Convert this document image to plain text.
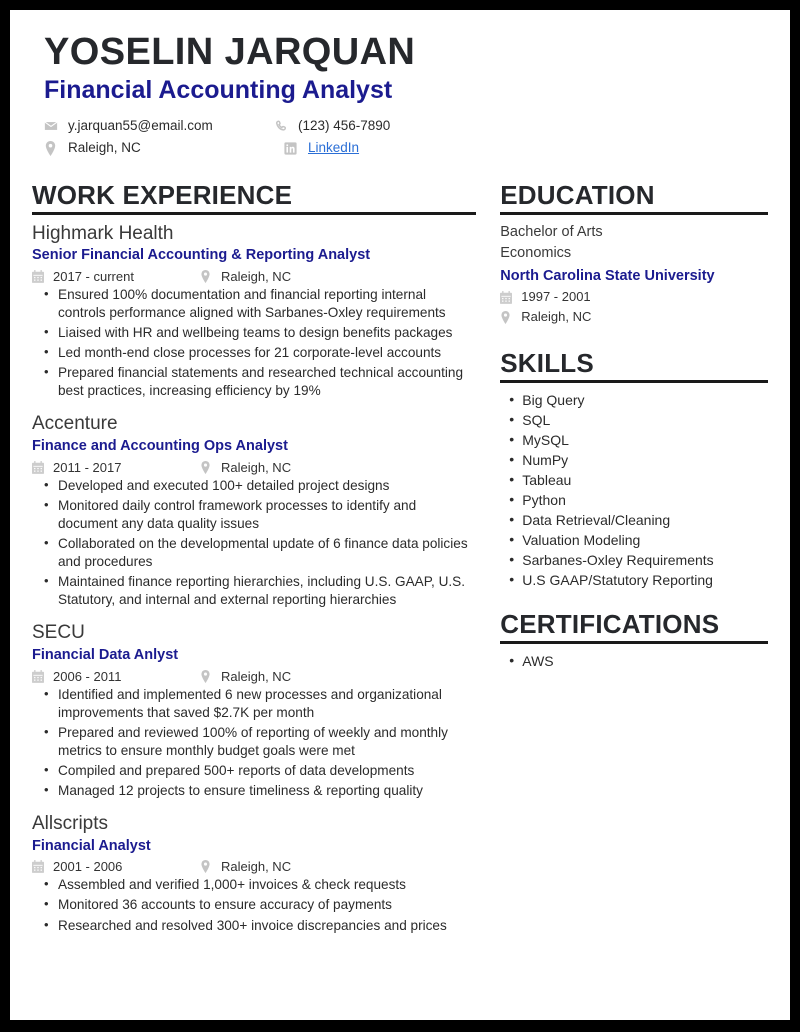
YOSELIN JARQUAN
Financial Accounting Analyst
y.jarquan55@email.com	(123) 456-7890
Raleigh, NC	LinkedIn
WORK EXPERIENCE
Highmark Health
Senior Financial Accounting & Reporting Analyst
2017 - current	Raleigh, NC
• Ensured 100% documentation and financial reporting internal controls performance aligned with Sarbanes-Oxley requirements
• Liaised with HR and wellbeing teams to design benefits packages
• Led month-end close processes for 21 corporate-level accounts
• Prepared financial statements and researched technical accounting best practices, increasing efficiency by 19%
Accenture
Finance and Accounting Ops Analyst
2011 - 2017	Raleigh, NC
• Developed and executed 100+ detailed project designs
• Monitored daily control framework processes to identify and document any data quality issues
• Collaborated on the developmental update of 6 finance data policies and procedures
• Maintained finance reporting hierarchies, including U.S. GAAP, U.S. Statutory, and internal and external reporting hierarchies
SECU
Financial Data Anlyst
2006 - 2011	Raleigh, NC
• Identified and implemented 6 new processes and organizational improvements that saved $2.7K per month
• Prepared and reviewed 100% of reporting of weekly and monthly metrics to ensure monthly budget goals were met
• Compiled and prepared 500+ reports of data developments
• Managed 12 projects to ensure timeliness & reporting quality
Allscripts
Financial Analyst
2001 - 2006	Raleigh, NC
• Assembled and verified 1,000+ invoices & check requests
• Monitored 36 accounts to ensure accuracy of payments
• Researched and resolved 300+ invoice discrepancies and prices
EDUCATION
Bachelor of Arts
Economics
North Carolina State University
1997 - 2001
Raleigh, NC
SKILLS
• Big Query
• SQL
• MySQL
• NumPy
• Tableau
• Python
• Data Retrieval/Cleaning
• Valuation Modeling
• Sarbanes-Oxley Requirements
• U.S GAAP/Statutory Reporting
CERTIFICATIONS
• AWS
